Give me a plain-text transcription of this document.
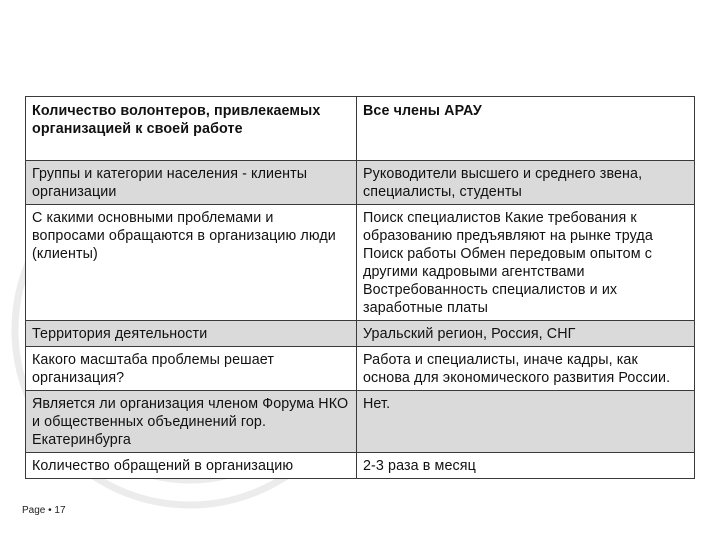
Количество волонтеров, привлекаемых организацией к своей работе	Все члены АРАУ
Группы и категории населения - клиенты организации	Руководители высшего и среднего звена, специалисты, студенты
С какими основными проблемами и вопросами обращаются в организацию люди (клиенты)	Поиск специалистов Какие требования к образованию предъявляют на рынке труда Поиск работы Обмен передовым опытом с другими кадровыми агентствами Востребованность специалистов и их заработные платы
Территория деятельности	Уральский регион, Россия, СНГ
Какого масштаба проблемы решает организация?	Работа и специалисты, иначе кадры, как основа для экономического развития России.
Является ли организация членом Форума НКО и общественных объединений гор. Екатеринбурга	Нет.
Количество обращений в организацию	2-3 раза в месяц
Page • 17
